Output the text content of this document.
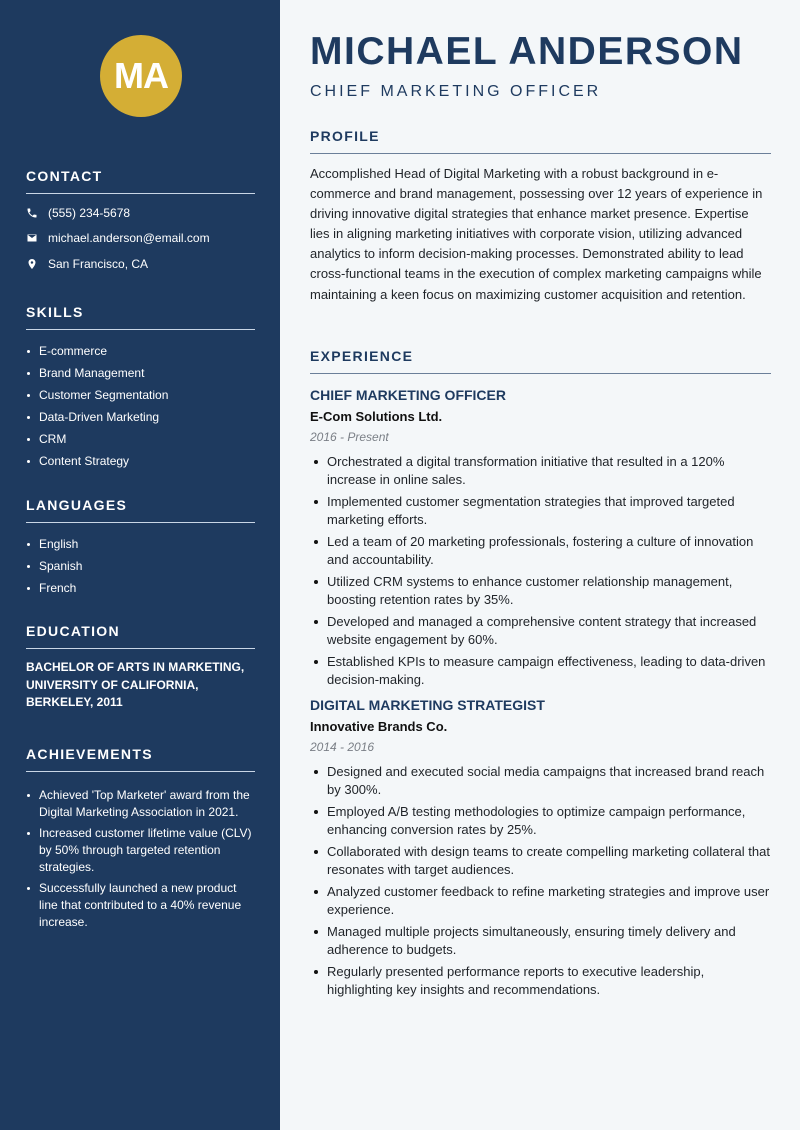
MA
CONTACT
(555) 234-5678
michael.anderson@email.com
San Francisco, CA
SKILLS
E-commerce
Brand Management
Customer Segmentation
Data-Driven Marketing
CRM
Content Strategy
LANGUAGES
English
Spanish
French
EDUCATION
BACHELOR OF ARTS IN MARKETING, UNIVERSITY OF CALIFORNIA, BERKELEY, 2011
ACHIEVEMENTS
Achieved 'Top Marketer' award from the Digital Marketing Association in 2021.
Increased customer lifetime value (CLV) by 50% through targeted retention strategies.
Successfully launched a new product line that contributed to a 40% revenue increase.
MICHAEL ANDERSON
CHIEF MARKETING OFFICER
PROFILE

Accomplished Head of Digital Marketing with a robust background in e-commerce and brand management, possessing over 12 years of experience in driving innovative digital strategies that enhance market presence. Expertise lies in aligning marketing initiatives with corporate vision, utilizing advanced analytics to inform decision-making processes. Demonstrated ability to lead cross-functional teams in the execution of complex marketing campaigns while maintaining a keen focus on maximizing customer acquisition and retention.

EXPERIENCE
CHIEF MARKETING OFFICER
E-Com Solutions Ltd.
2016 - Present
Orchestrated a digital transformation initiative that resulted in a 120% increase in online sales.
Implemented customer segmentation strategies that improved targeted marketing efforts.
Led a team of 20 marketing professionals, fostering a culture of innovation and accountability.
Utilized CRM systems to enhance customer relationship management, boosting retention rates by 35%.
Developed and managed a comprehensive content strategy that increased website engagement by 60%.
Established KPIs to measure campaign effectiveness, leading to data-driven decision-making.
DIGITAL MARKETING STRATEGIST
Innovative Brands Co.
2014 - 2016
Designed and executed social media campaigns that increased brand reach by 300%.
Employed A/B testing methodologies to optimize campaign performance, enhancing conversion rates by 25%.
Collaborated with design teams to create compelling marketing collateral that resonates with target audiences.
Analyzed customer feedback to refine marketing strategies and improve user experience.
Managed multiple projects simultaneously, ensuring timely delivery and adherence to budgets.
Regularly presented performance reports to executive leadership, highlighting key insights and recommendations.
